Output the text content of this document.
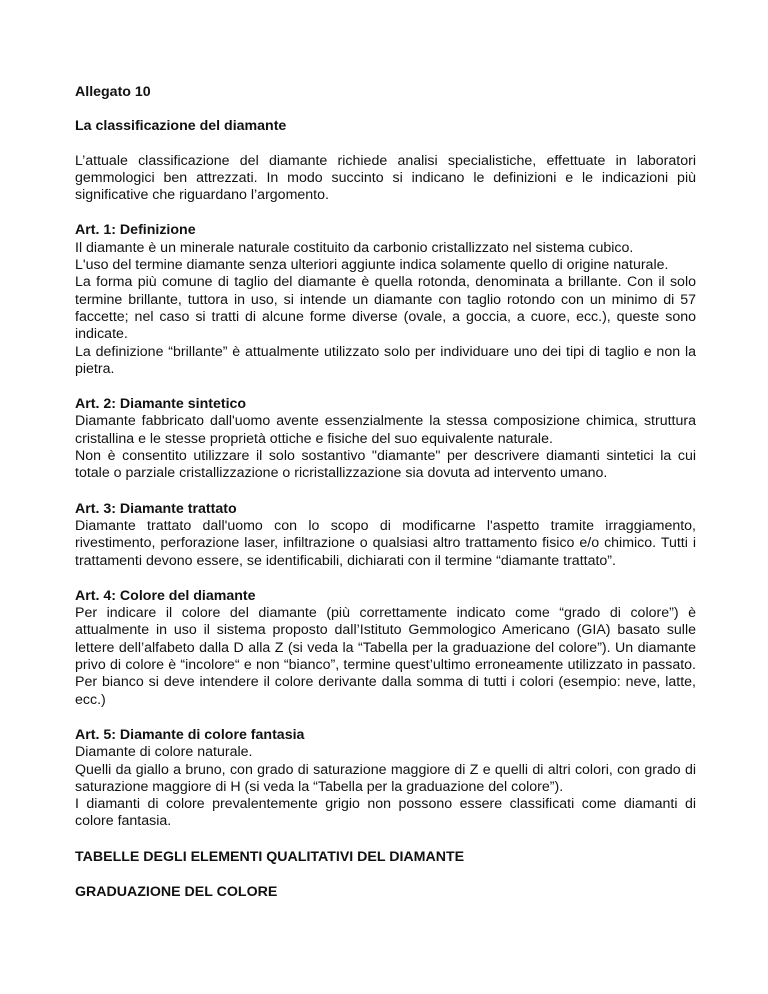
Allegato 10

La classificazione del diamante

L’attuale classificazione del diamante richiede analisi specialistiche, effettuate in laboratori gemmologici ben attrezzati. In modo succinto si indicano le definizioni e le indicazioni più significative che riguardano l’argomento.

Art. 1: Definizione

Il diamante è un minerale naturale costituito da carbonio cristallizzato nel sistema cubico.

L'uso del termine diamante senza ulteriori aggiunte indica solamente quello di origine naturale.

La forma più comune di taglio del diamante è quella rotonda, denominata a brillante. Con il solo termine brillante, tuttora in uso, si intende un diamante con taglio rotondo con un minimo di 57 faccette; nel caso si tratti di alcune forme diverse (ovale, a goccia, a cuore, ecc.), queste sono indicate.

La definizione “brillante” è attualmente utilizzato solo per individuare uno dei tipi di taglio e non la pietra.

Art. 2: Diamante sintetico

Diamante fabbricato dall'uomo avente essenzialmente la stessa composizione chimica, struttura cristallina e le stesse proprietà ottiche e fisiche del suo equivalente naturale.

Non è consentito utilizzare il solo sostantivo "diamante" per descrivere diamanti sintetici la cui totale o parziale cristallizzazione o ricristallizzazione sia dovuta ad intervento umano.

Art. 3: Diamante trattato

Diamante trattato dall'uomo con lo scopo di modificarne l'aspetto tramite irraggiamento, rivestimento, perforazione laser, infiltrazione o qualsiasi altro trattamento fisico e/o chimico. Tutti i trattamenti devono essere, se identificabili, dichiarati con il termine “diamante trattato”.

Art. 4: Colore del diamante

Per indicare il colore del diamante (più correttamente indicato come “grado di colore”) è attualmente in uso il sistema proposto dall’Istituto Gemmologico Americano (GIA) basato sulle lettere dell’alfabeto dalla D alla Z (si veda la “Tabella per la graduazione del colore”). Un diamante privo di colore è “incolore“ e non “bianco”, termine quest’ultimo erroneamente utilizzato in passato. Per bianco si deve intendere il colore derivante dalla somma di tutti i colori (esempio: neve, latte, ecc.)

Art. 5: Diamante di colore fantasia

Diamante di colore naturale.

Quelli da giallo a bruno, con grado di saturazione maggiore di Z e quelli di altri colori, con grado di saturazione maggiore di H (si veda la “Tabella per la graduazione del colore”).

I diamanti di colore prevalentemente grigio non possono essere classificati come diamanti di colore fantasia.

TABELLE DEGLI ELEMENTI QUALITATIVI DEL DIAMANTE

GRADUAZIONE DEL COLORE
